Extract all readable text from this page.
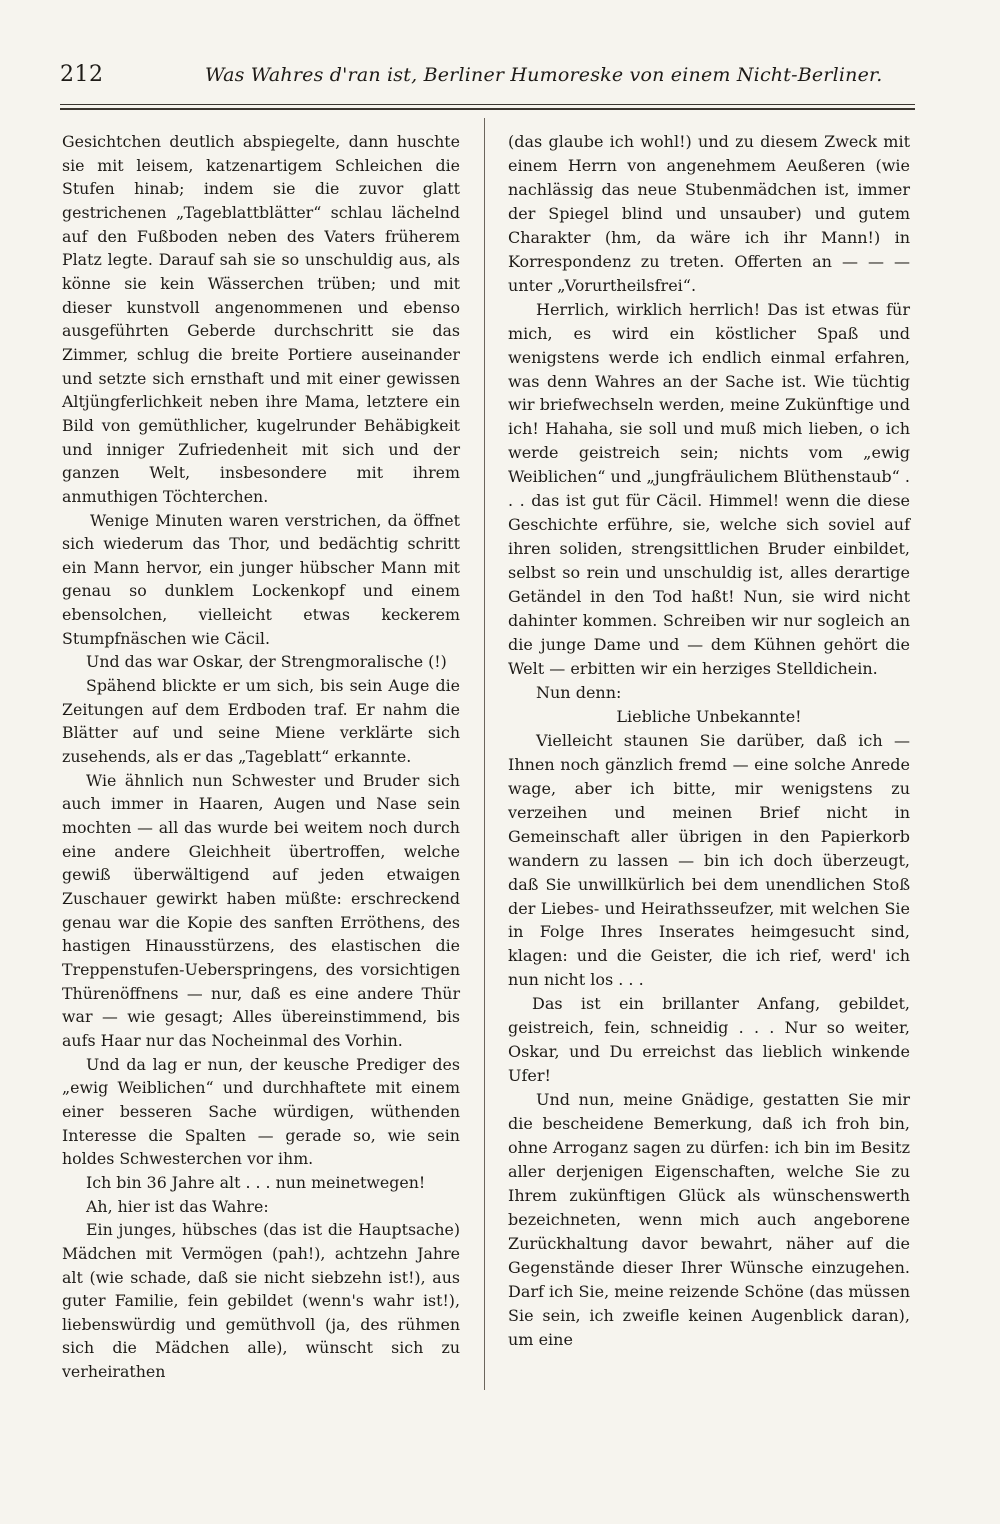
212	Was Wahres d'ran ist, Berliner Humoreske von einem Nicht-Berliner.

Gesichtchen deutlich abspiegelte, dann huschte sie mit leisem, katzenartigem Schleichen die Stufen hinab; indem sie die zuvor glatt gestrichenen „Tageblattblätter“ schlau lächelnd auf den Fußboden neben des Vaters früherem Platz legte. Darauf sah sie so unschuldig aus, als könne sie kein Wässerchen trüben; und mit dieser kunstvoll angenommenen und ebenso ausgeführten Geberde durchschritt sie das Zimmer, schlug die breite Portiere auseinander und setzte sich ernsthaft und mit einer gewissen Altjüngferlichkeit neben ihre Mama, letztere ein Bild von gemüthlicher, kugelrunder Behäbigkeit und inniger Zufriedenheit mit sich und der ganzen Welt, insbesondere mit ihrem anmuthigen Töchterchen.

Wenige Minuten waren verstrichen, da öffnet sich wiederum das Thor, und bedächtig schritt ein Mann hervor, ein junger hübscher Mann mit genau so dunklem Lockenkopf und einem ebensolchen, vielleicht etwas keckerem Stumpfnäschen wie Cäcil.

Und das war Oskar, der Strengmoralische (!)

Spähend blickte er um sich, bis sein Auge die Zeitungen auf dem Erdboden traf. Er nahm die Blätter auf und seine Miene verklärte sich zusehends, als er das „Tageblatt“ erkannte.

Wie ähnlich nun Schwester und Bruder sich auch immer in Haaren, Augen und Nase sein mochten — all das wurde bei weitem noch durch eine andere Gleichheit übertroffen, welche gewiß überwältigend auf jeden etwaigen Zuschauer gewirkt haben müßte: erschreckend genau war die Kopie des sanften Erröthens, des hastigen Hinausstürzens, des elastischen die Treppenstufen-Ueberspringens, des vorsichtigen Thürenöffnens — nur, daß es eine andere Thür war — wie gesagt; Alles übereinstimmend, bis aufs Haar nur das Nocheinmal des Vorhin.

Und da lag er nun, der keusche Prediger des „ewig Weiblichen“ und durchhaftete mit einem einer besseren Sache würdigen, wüthenden Interesse die Spalten — gerade so, wie sein holdes Schwesterchen vor ihm.

Ich bin 36 Jahre alt . . . nun meinetwegen!

Ah, hier ist das Wahre:

Ein junges, hübsches (das ist die Hauptsache) Mädchen mit Vermögen (pah!), achtzehn Jahre alt (wie schade, daß sie nicht siebzehn ist!), aus guter Familie, fein gebildet (wenn's wahr ist!), liebenswürdig und gemüthvoll (ja, des rühmen sich die Mädchen alle), wünscht sich zu verheirathen

(das glaube ich wohl!) und zu diesem Zweck mit einem Herrn von angenehmem Aeußeren (wie nachlässig das neue Stubenmädchen ist, immer der Spiegel blind und unsauber) und gutem Charakter (hm, da wäre ich ihr Mann!) in Korrespondenz zu treten. Offerten an — — — unter „Vorurtheilsfrei“.

Herrlich, wirklich herrlich! Das ist etwas für mich, es wird ein köstlicher Spaß und wenigstens werde ich endlich einmal erfahren, was denn Wahres an der Sache ist. Wie tüchtig wir briefwechseln werden, meine Zukünftige und ich! Hahaha, sie soll und muß mich lieben, o ich werde geistreich sein; nichts vom „ewig Weiblichen“ und „jungfräulichem Blüthenstaub“ . . . das ist gut für Cäcil. Himmel! wenn die diese Geschichte erführe, sie, welche sich soviel auf ihren soliden, strengsittlichen Bruder einbildet, selbst so rein und unschuldig ist, alles derartige Getändel in den Tod haßt! Nun, sie wird nicht dahinter kommen. Schreiben wir nur sogleich an die junge Dame und — dem Kühnen gehört die Welt — erbitten wir ein herziges Stelldichein.

Nun denn:

Liebliche Unbekannte!

Vielleicht staunen Sie darüber, daß ich — Ihnen noch gänzlich fremd — eine solche Anrede wage, aber ich bitte, mir wenigstens zu verzeihen und meinen Brief nicht in Gemeinschaft aller übrigen in den Papierkorb wandern zu lassen — bin ich doch überzeugt, daß Sie unwillkürlich bei dem unendlichen Stoß der Liebes- und Heirathsseufzer, mit welchen Sie in Folge Ihres Inserates heimgesucht sind, klagen: und die Geister, die ich rief, werd' ich nun nicht los . . .

Das ist ein brillanter Anfang, gebildet, geistreich, fein, schneidig . . . Nur so weiter, Oskar, und Du erreichst das lieblich winkende Ufer!

Und nun, meine Gnädige, gestatten Sie mir die bescheidene Bemerkung, daß ich froh bin, ohne Arroganz sagen zu dürfen: ich bin im Besitz aller derjenigen Eigenschaften, welche Sie zu Ihrem zukünftigen Glück als wünschenswerth bezeichneten, wenn mich auch angeborene Zurückhaltung davor bewahrt, näher auf die Gegenstände dieser Ihrer Wünsche einzugehen. Darf ich Sie, meine reizende Schöne (das müssen Sie sein, ich zweifle keinen Augenblick daran), um eine
